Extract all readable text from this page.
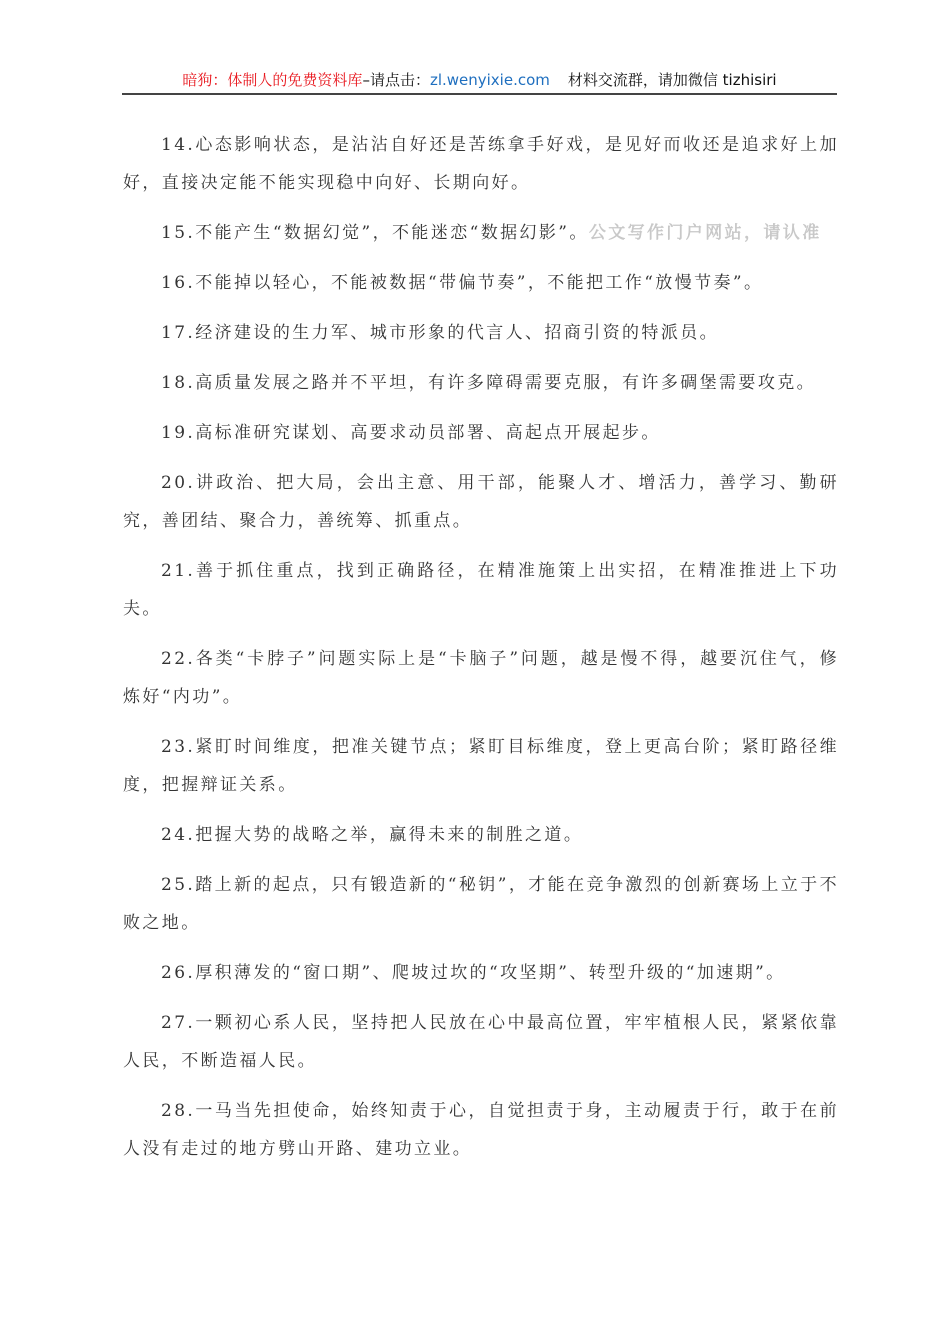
暗狗：体制人的免费资料库–请点击：zl.wenyixie.com 材料交流群，请加微信 tizhisiri

14.心态影响状态，是沾沾自好还是苦练拿手好戏，是见好而收还是追求好上加好，直接决定能不能实现稳中向好、长期向好。

15.不能产生“数据幻觉”，不能迷恋“数据幻影”。公文写作门户网站，请认准

16.不能掉以轻心，不能被数据“带偏节奏”，不能把工作“放慢节奏”。

17.经济建设的生力军、城市形象的代言人、招商引资的特派员。

18.高质量发展之路并不平坦，有许多障碍需要克服，有许多碉堡需要攻克。

19.高标准研究谋划、高要求动员部署、高起点开展起步。

20.讲政治、把大局，会出主意、用干部，能聚人才、增活力，善学习、勤研究，善团结、聚合力，善统筹、抓重点。

21.善于抓住重点，找到正确路径，在精准施策上出实招，在精准推进上下功夫。

22.各类“卡脖子”问题实际上是“卡脑子”问题，越是慢不得，越要沉住气，修炼好“内功”。

23.紧盯时间维度，把准关键节点；紧盯目标维度，登上更高台阶；紧盯路径维度，把握辩证关系。

24.把握大势的战略之举，赢得未来的制胜之道。

25.踏上新的起点，只有锻造新的“秘钥”，才能在竞争激烈的创新赛场上立于不败之地。

26.厚积薄发的“窗口期”、爬坡过坎的“攻坚期”、转型升级的“加速期”。

27.一颗初心系人民，坚持把人民放在心中最高位置，牢牢植根人民，紧紧依靠人民，不断造福人民。

28.一马当先担使命，始终知责于心，自觉担责于身，主动履责于行，敢于在前人没有走过的地方劈山开路、建功立业。
